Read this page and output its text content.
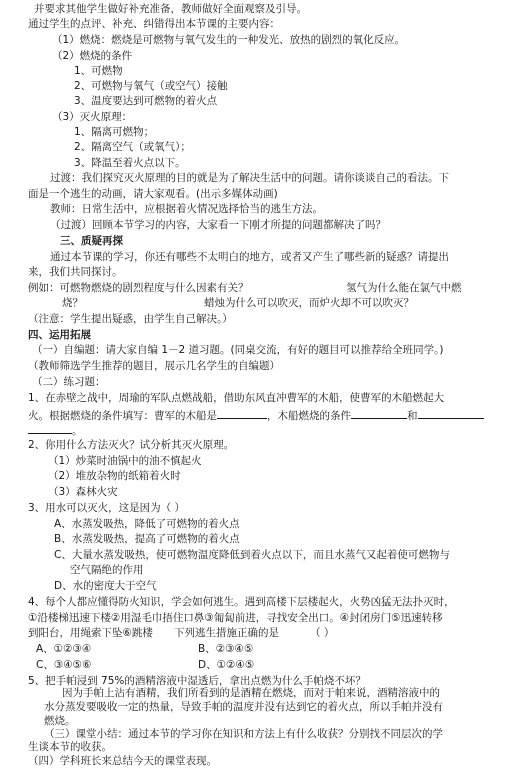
并要求其他学生做好补充准备，教师做好全面观察及引导。
通过学生的点评、补充、纠错得出本节课的主要内容：
（1）燃烧：燃烧是可燃物与氧气发生的一种发光、放热的剧烈的氧化反应。
（2）燃烧的条件
1、可燃物
2、可燃物与氧气（或空气）接触
3、温度要达到可燃物的着火点
（3）灭火原理：
1、隔离可燃物；
2、隔离空气（或氧气）；
3、降温至着火点以下。
过渡：我们探究灭火原理的目的就是为了解决生活中的问题。请你谈谈自己的看法。下
面是一个逃生的动画，请大家观看。(出示多媒体动画)
教师：日常生活中，应根据着火情况选择恰当的逃生方法。
（过渡）回顾本节学习的内容，大家看一下刚才所提的问题都解决了吗？
三、质疑再探
通过本节课的学习，你还有哪些不太明白的地方，或者又产生了哪些新的疑惑？请提出
来，我们共同探讨。
例如：可燃物燃烧的剧烈程度与什么因素有关？	氢气为什么能在氯气中燃
烧？	蜡烛为什么可以吹灭，而炉火却不可以吹灭？
（注意：学生提出疑惑，由学生自己解决。）
四、运用拓展
（一）自编题：请大家自编 1－2 道习题。(同桌交流，有好的题目可以推荐给全班同学。)
（教师筛选学生推荐的题目，展示几名学生的自编题）
（二）练习题：
1、在赤壁之战中，周瑜的军队点燃战船，借助东风直冲曹军的木船，使曹军的木船燃起大
火。根据燃烧的条件填写：曹军的木船是	，木船燃烧的条件	和
。
2、你用什么方法灭火？试分析其灭火原理。
（1）炒菜时油锅中的油不慎起火
（2）堆放杂物的纸箱着火时
（3）森林火灾
3、用水可以灭火，这是因为（ ）
A、水蒸发吸热，降低了可燃物的着火点
B、水蒸发吸热，提高了可燃物的着火点
C、大量水蒸发吸热，使可燃物温度降低到着火点以下，而且水蒸气又起着使可燃物与
空气隔绝的作用
D、水的密度大于空气
4、每个人都应懂得防火知识，学会如何逃生。遇到高楼下层楼起火，火势凶猛无法扑灭时，
①沿楼梯迅速下楼②用湿毛巾捂住口鼻③匍匐前进，寻找安全出口。④封闭房门⑤迅速转移
到阳台，用绳索下坠⑥跳楼 下列逃生措施正确的是	（ ）
A、①②③④	B、②③④⑤
C、③④⑤⑥	D、①②④⑤
5、把手帕浸到 75%的酒精溶液中湿透后，拿出点燃为什么手帕烧不坏？
因为手帕上沾有酒精，我们所看到的是酒精在燃烧，而对于帕来说，酒精溶液中的
水分蒸发要吸收一定的热量，导致手帕的温度并没有达到它的着火点，所以手帕并没有
燃烧。
（三）课堂小结：通过本节的学习你在知识和方法上有什么收获？分别找不同层次的学
生谈本节的收获。
（四）学科班长来总结今天的课堂表现。
